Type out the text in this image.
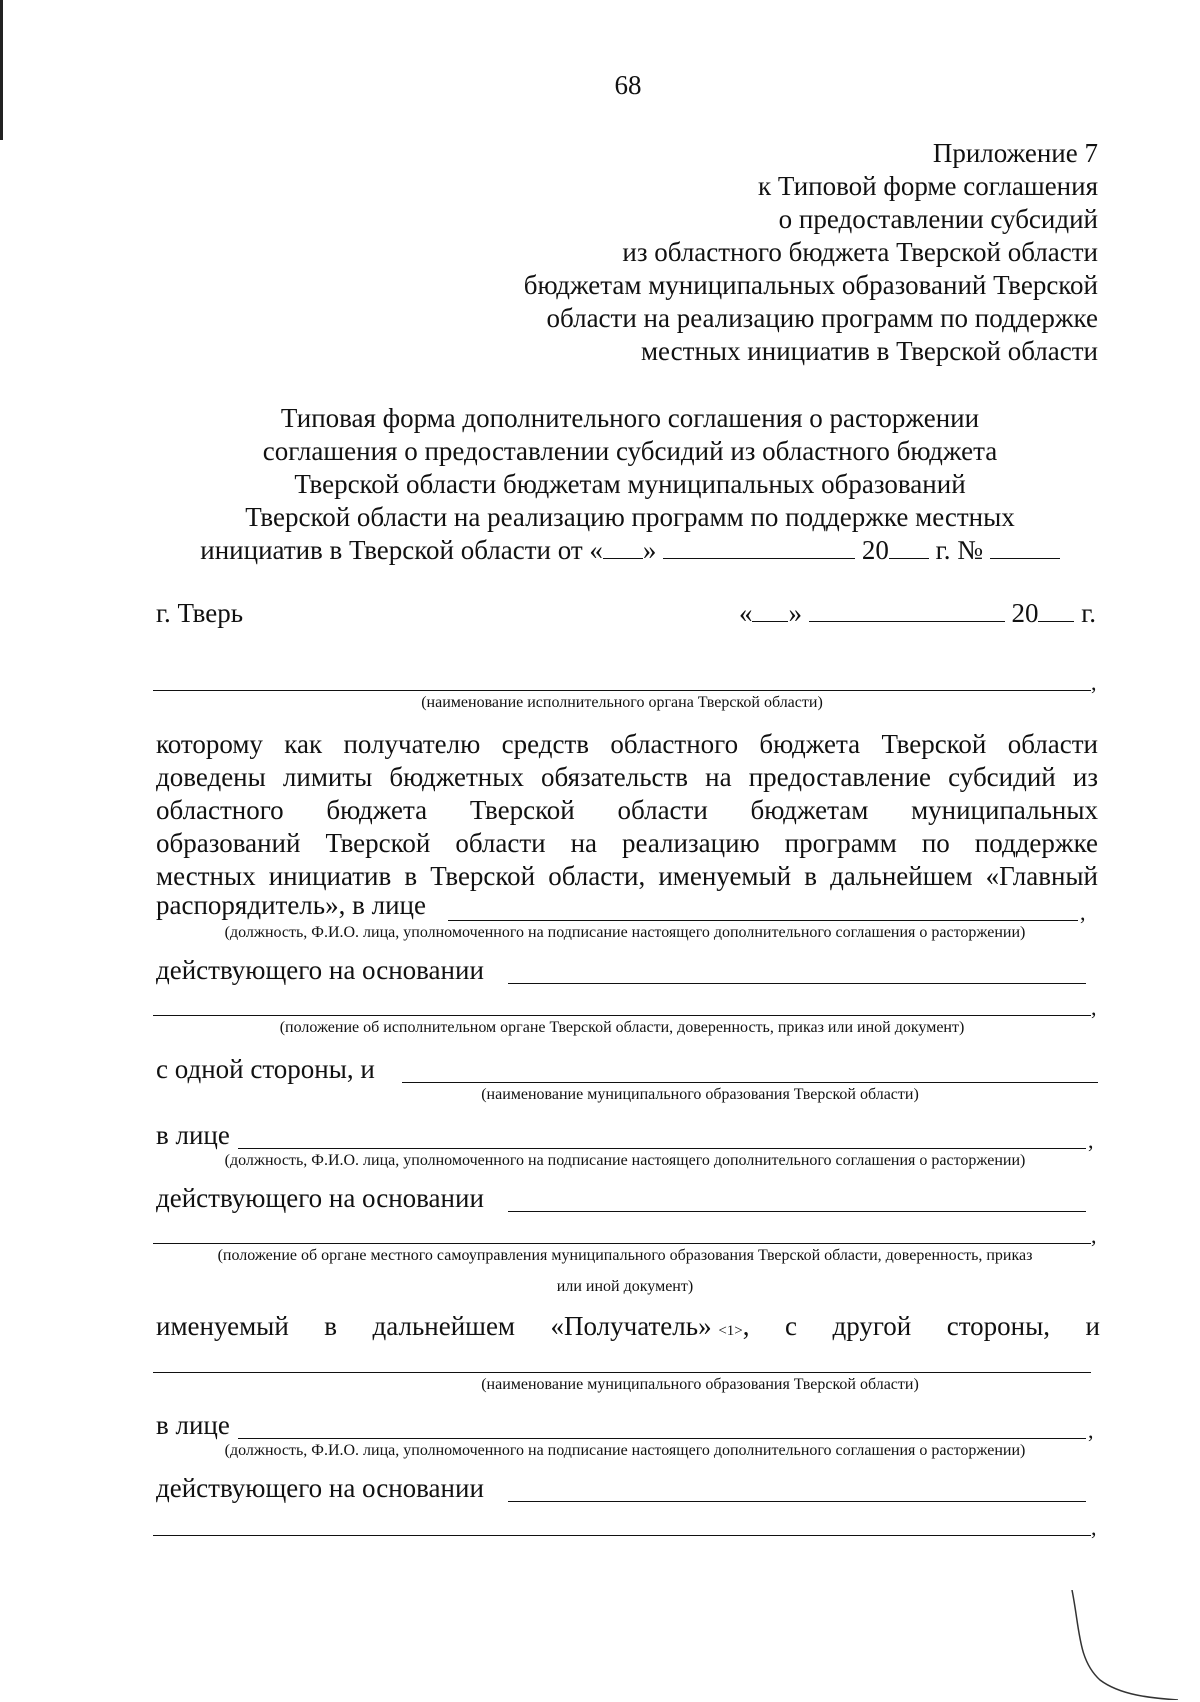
68
Приложение 7
к Типовой форме соглашения
о предоставлении субсидий
из областного бюджета Тверской области
бюджетам муниципальных образований Тверской
области на реализацию программ по поддержке
местных инициатив в Тверской области
Типовая форма дополнительного соглашения о расторжении
соглашения о предоставлении субсидий из областного бюджета
Тверской области бюджетам муниципальных образований
Тверской области на реализацию программ по поддержке местных
инициатив в Тверской области от « »	20 г. №
г. Тверь	« »	20 г.
,
(наименование исполнительного органа Тверской области)
которому как получателю средств областного бюджета Тверской области
доведены лимиты бюджетных обязательств на предоставление субсидий из
областного бюджета Тверской области бюджетам муниципальных
образований Тверской области на реализацию программ по поддержке
местных инициатив в Тверской области, именуемый в дальнейшем «Главный
распорядитель», в лице	,
(должность, Ф.И.О. лица, уполномоченного на подписание настоящего дополнительного соглашения о расторжении)
действующего на основании
,
(положение об исполнительном органе Тверской области, доверенность, приказ или иной документ)
с одной стороны, и
(наименование муниципального образования Тверской области)
в лице	,
(должность, Ф.И.О. лица, уполномоченного на подписание настоящего дополнительного соглашения о расторжении)
действующего на основании
,
(положение об органе местного самоуправления муниципального образования Тверской области, доверенность, приказ
или иной документ)
именуемый в дальнейшем «Получатель» <1>, с другой стороны, и
(наименование муниципального образования Тверской области)
в лице	,
(должность, Ф.И.О. лица, уполномоченного на подписание настоящего дополнительного соглашения о расторжении)
действующего на основании
,
